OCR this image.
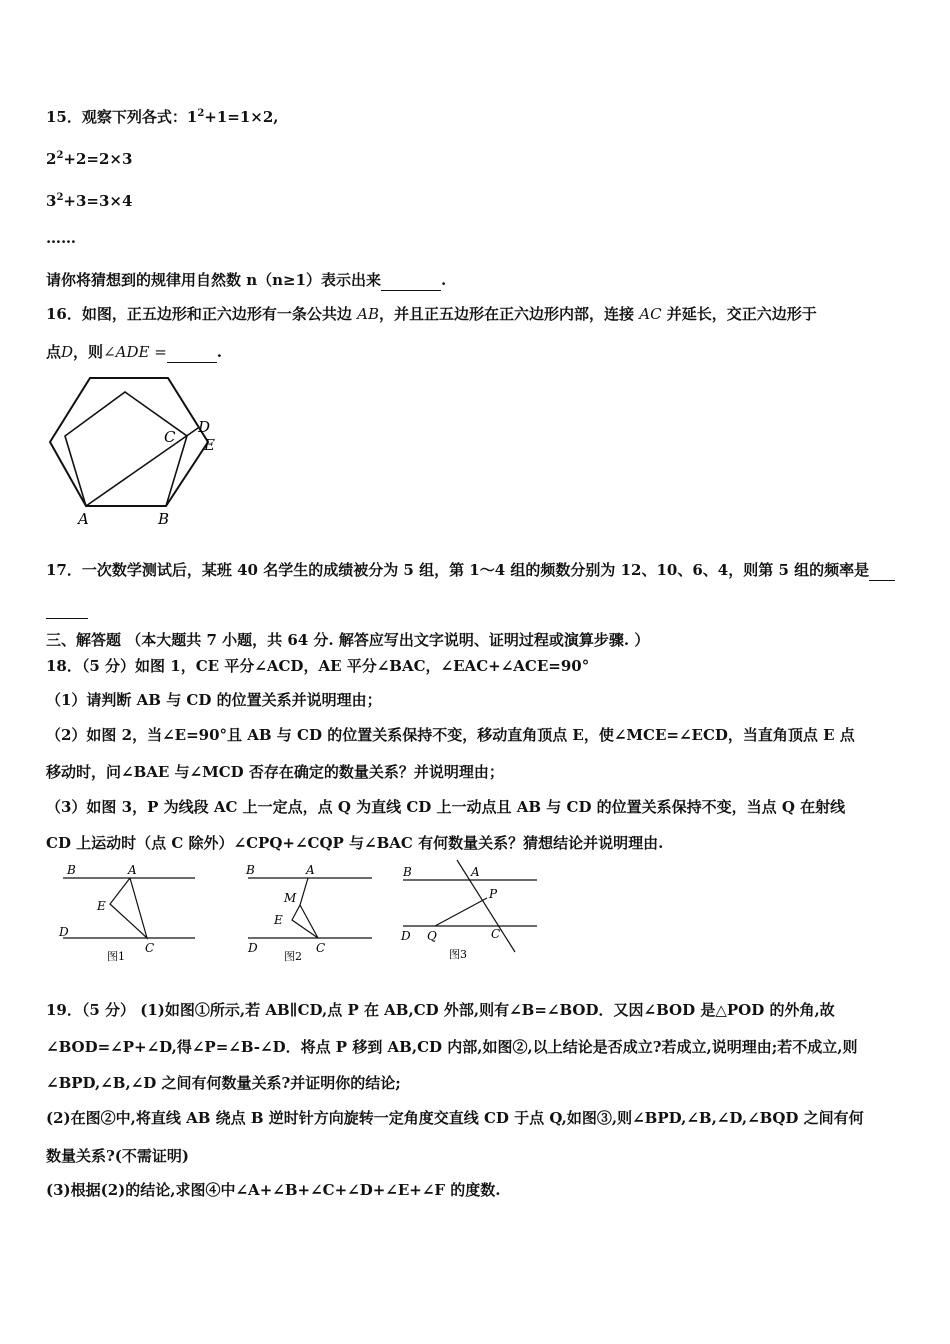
15．观察下列各式：$1^2+1=1\times 2$,
$2^2+2=2\times 3$
$3^2+3=3\times 4$
……
请你将猜想到的规律用自然数 n（n≥1）表示出来	.
16．如图，正五边形和正六边形有一条公共边 AB，并且正五边形在正六边形内部，连接 AC 并延长，交正六边形于
点D，则∠ADE =	.
C
D
E
A	B
17．一次数学测试后，某班 40 名学生的成绩被分为 5 组，第 1～4 组的频数分别为 12、10、6、4，则第 5 组的频率是

三、解答题 （本大题共 7 小题，共 64 分. 解答应写出文字说明、证明过程或演算步骤. ）
18．（5 分）如图 1，CE 平分∠ACD，AE 平分∠BAC，∠EAC+∠ACE=90°
（1）请判断 AB 与 CD 的位置关系并说明理由；
（2）如图 2，当∠E=90°且 AB 与 CD 的位置关系保持不变，移动直角顶点 E，使∠MCE=∠ECD，当直角顶点 E 点
移动时，问∠BAE 与∠MCD 否存在确定的数量关系？并说明理由；
（3）如图 3，P 为线段 AC 上一定点，点 Q 为直线 CD 上一动点且 AB 与 CD 的位置关系保持不变，当点 Q 在射线
CD 上运动时（点 C 除外）∠CPQ+∠CQP 与∠BAC 有何数量关系？猜想结论并说明理由.
B	A
E
D
C
图1
B	A
M
E
D	C
图2
B	A
P
D Q	C
图3
19．（5 分） (1)如图①所示,若 AB∥CD,点 P 在 AB,CD 外部,则有∠B=∠BOD．又因∠BOD 是△POD 的外角,故
∠BOD=∠P+∠D,得∠P=∠B-∠D．将点 P 移到 AB,CD 内部,如图②,以上结论是否成立?若成立,说明理由;若不成立,则
∠BPD,∠B,∠D 之间有何数量关系?并证明你的结论;
(2)在图②中,将直线 AB 绕点 B 逆时针方向旋转一定角度交直线 CD 于点 Q,如图③,则∠BPD,∠B,∠D,∠BQD 之间有何
数量关系?(不需证明)
(3)根据(2)的结论,求图④中∠A+∠B+∠C+∠D+∠E+∠F 的度数.
